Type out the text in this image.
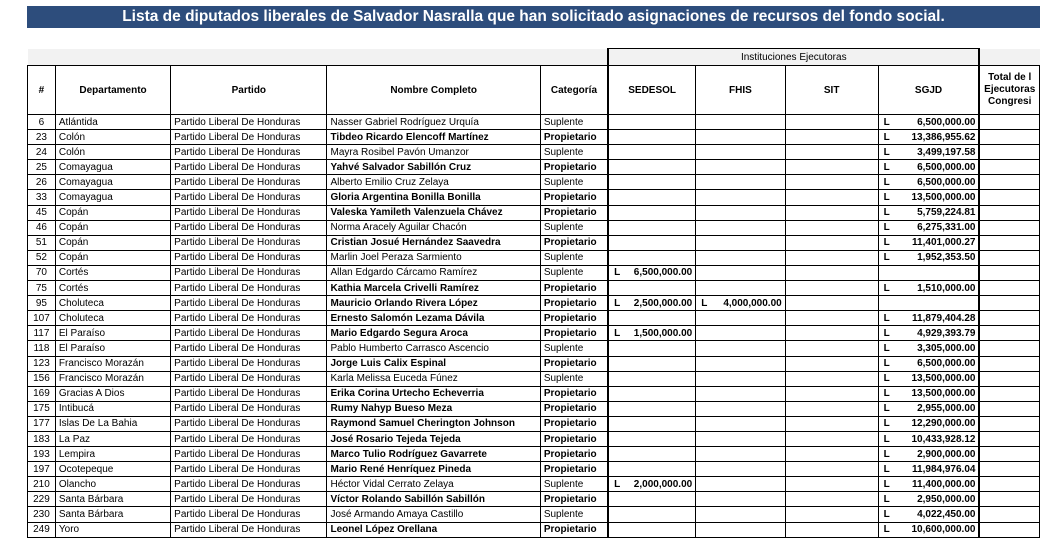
Lista de diputados liberales de Salvador Nasralla que han solicitado asignaciones de recursos del fondo social.
					Instituciones Ejecutoras				
#	Departamento	Partido	Nombre Completo	Categoría	SEDESOL	FHIS	SIT	SGJD	Total de l
Ejecutoras
Congresi

6	Atlántida	Partido Liberal De Honduras	Nasser Gabriel Rodríguez Urquía	Suplente				L 6,500,000.00	

23	Colón	Partido Liberal De Honduras	Tibdeo Ricardo Elencoff Martínez	Propietario				L 13,386,955.62	

24	Colón	Partido Liberal De Honduras	Mayra Rosibel Pavón Umanzor	Suplente				L 3,499,197.58	

25	Comayagua	Partido Liberal De Honduras	Yahvé Salvador Sabillón Cruz	Propietario				L 6,500,000.00	

26	Comayagua	Partido Liberal De Honduras	Alberto Emilio Cruz Zelaya	Suplente				L 6,500,000.00	

33	Comayagua	Partido Liberal De Honduras	Gloria Argentina Bonilla Bonilla	Propietario				L 13,500,000.00	

45	Copán	Partido Liberal De Honduras	Valeska Yamileth Valenzuela Chávez	Propietario				L 5,759,224.81	

46	Copán	Partido Liberal De Honduras	Norma Aracely Aguilar Chacón	Suplente				L 6,275,331.00	

51	Copán	Partido Liberal De Honduras	Cristian Josué Hernández Saavedra	Propietario				L 11,401,000.27	

52	Copán	Partido Liberal De Honduras	Marlin Joel Peraza Sarmiento	Suplente				L 1,952,353.50	

70	Cortés	Partido Liberal De Honduras	Allan Edgardo Cárcamo Ramírez	Suplente	L 6,500,000.00				

75	Cortés	Partido Liberal De Honduras	Kathia Marcela Crivelli Ramírez	Propietario				L 1,510,000.00	

95	Choluteca	Partido Liberal De Honduras	Mauricio Orlando Rivera López	Propietario	L 2,500,000.00	L 4,000,000.00			

107	Choluteca	Partido Liberal De Honduras	Ernesto Salomón Lezama Dávila	Propietario				L 11,879,404.28	

117	El Paraíso	Partido Liberal De Honduras	Mario Edgardo Segura Aroca	Propietario	L 1,500,000.00			L 4,929,393.79	

118	El Paraíso	Partido Liberal De Honduras	Pablo Humberto Carrasco Ascencio	Suplente				L 3,305,000.00	

123	Francisco Morazán	Partido Liberal De Honduras	Jorge Luis Calix Espinal	Propietario				L 6,500,000.00	

156	Francisco Morazán	Partido Liberal De Honduras	Karla Melissa Euceda Fúnez	Suplente				L 13,500,000.00	

169	Gracias A Dios	Partido Liberal De Honduras	Erika Corina Urtecho Echeverria	Propietario				L 13,500,000.00	

175	Intibucá	Partido Liberal De Honduras	Rumy Nahyp Bueso Meza	Propietario				L 2,955,000.00	

177	Islas De La Bahia	Partido Liberal De Honduras	Raymond Samuel Cherington Johnson	Propietario				L 12,290,000.00	

183	La Paz	Partido Liberal De Honduras	José Rosario Tejeda Tejeda	Propietario				L 10,433,928.12	

193	Lempira	Partido Liberal De Honduras	Marco Tulio Rodríguez Gavarrete	Propietario				L 2,900,000.00	

197	Ocotepeque	Partido Liberal De Honduras	Mario René Henríquez Pineda	Propietario				L 11,984,976.04	

210	Olancho	Partido Liberal De Honduras	Héctor Vidal Cerrato Zelaya	Suplente	L 2,000,000.00			L 11,400,000.00	

229	Santa Bárbara	Partido Liberal De Honduras	Víctor Rolando Sabillón Sabillón	Propietario				L 2,950,000.00	

230	Santa Bárbara	Partido Liberal De Honduras	José Armando Amaya Castillo	Suplente				L 4,022,450.00	

249	Yoro	Partido Liberal De Honduras	Leonel López Orellana	Propietario				L 10,600,000.00	
